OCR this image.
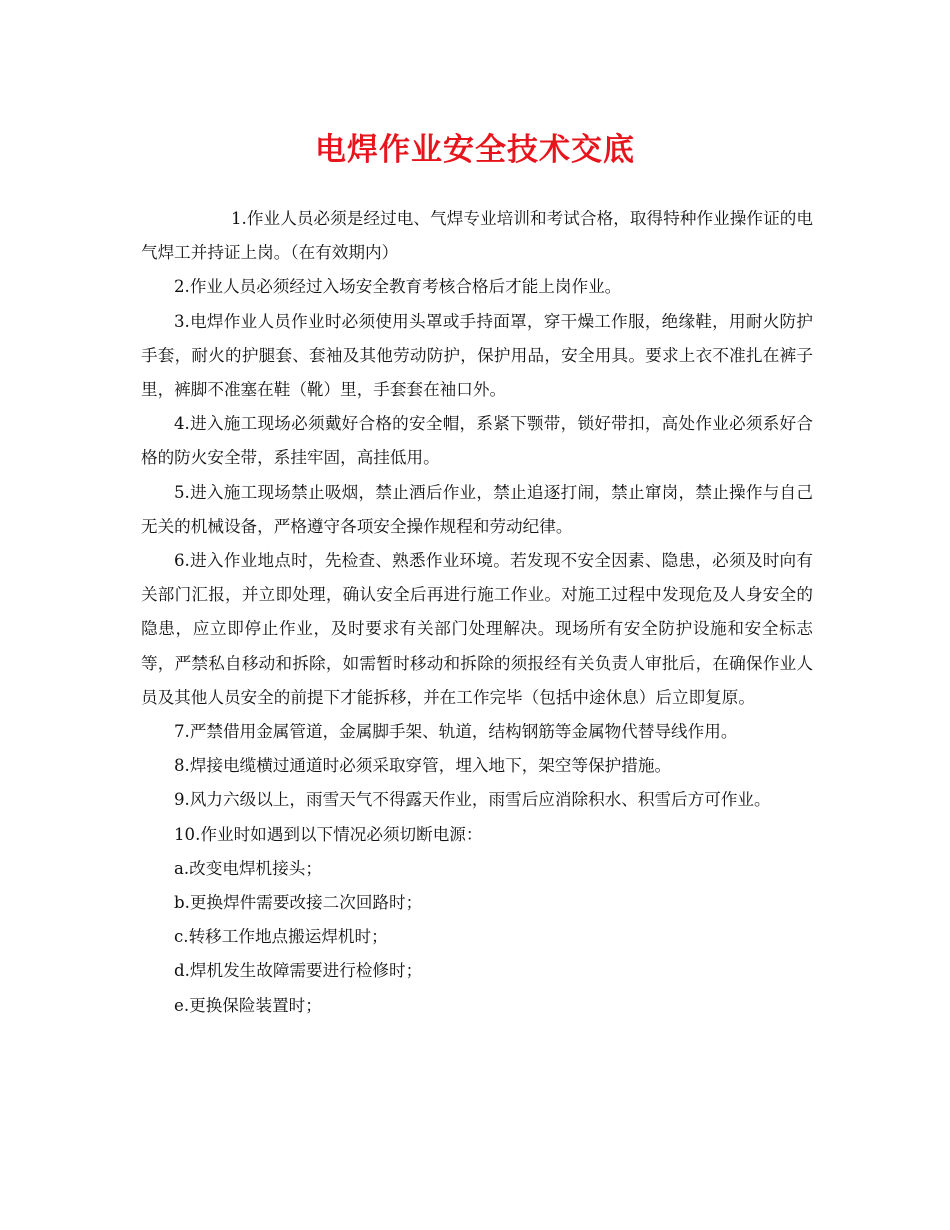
电焊作业安全技术交底

1.作业人员必须是经过电、气焊专业培训和考试合格，取得特种作业操作证的电气焊工并持证上岗。（在有效期内）

2.作业人员必须经过入场安全教育考核合格后才能上岗作业。

3.电焊作业人员作业时必须使用头罩或手持面罩，穿干燥工作服，绝缘鞋，用耐火防护手套，耐火的护腿套、套袖及其他劳动防护，保护用品，安全用具。要求上衣不准扎在裤子里，裤脚不准塞在鞋（靴）里，手套套在袖口外。

4.进入施工现场必须戴好合格的安全帽，系紧下颚带，锁好带扣，高处作业必须系好合格的防火安全带，系挂牢固，高挂低用。

5.进入施工现场禁止吸烟，禁止酒后作业，禁止追逐打闹，禁止窜岗，禁止操作与自己无关的机械设备，严格遵守各项安全操作规程和劳动纪律。

6.进入作业地点时，先检查、熟悉作业环境。若发现不安全因素、隐患，必须及时向有关部门汇报，并立即处理，确认安全后再进行施工作业。对施工过程中发现危及人身安全的隐患，应立即停止作业，及时要求有关部门处理解决。现场所有安全防护设施和安全标志等，严禁私自移动和拆除，如需暂时移动和拆除的须报经有关负责人审批后，在确保作业人员及其他人员安全的前提下才能拆移，并在工作完毕（包括中途休息）后立即复原。

7.严禁借用金属管道，金属脚手架、轨道，结构钢筋等金属物代替导线作用。

8.焊接电缆横过通道时必须采取穿管，埋入地下，架空等保护措施。

9.风力六级以上，雨雪天气不得露天作业，雨雪后应消除积水、积雪后方可作业。

10.作业时如遇到以下情况必须切断电源：

a.改变电焊机接头；

b.更换焊件需要改接二次回路时；

c.转移工作地点搬运焊机时；

d.焊机发生故障需要进行检修时；

e.更换保险装置时；
